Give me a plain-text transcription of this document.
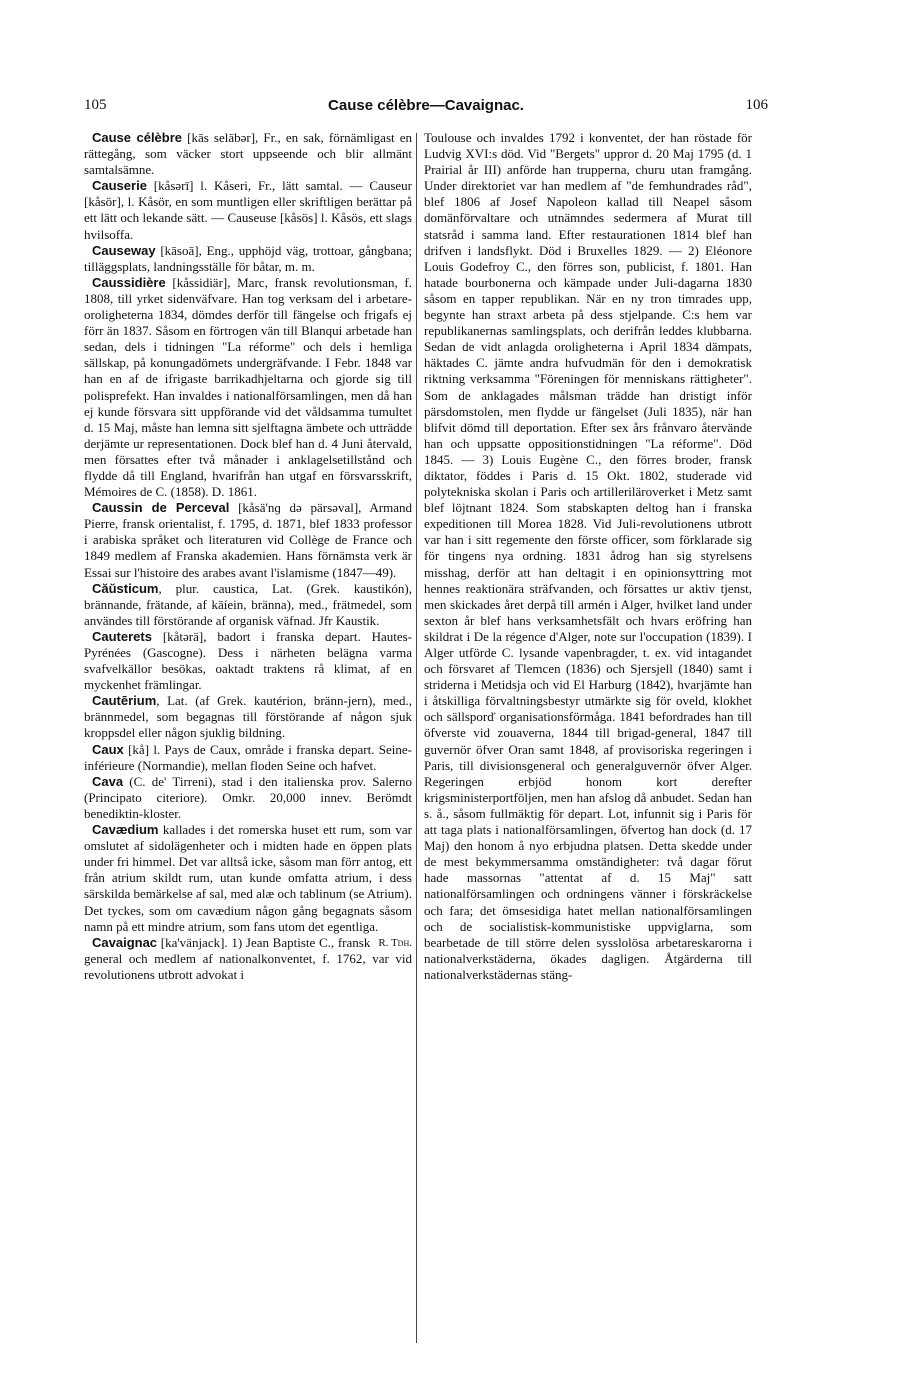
105	Cause célèbre—Cavaignac.	106

Cause célèbre [kās selābər], Fr., en sak, förnämligast en rättegång, som väcker stort uppseende och blir allmänt samtalsämne.

Causerie [kåsərī] l. Kåseri, Fr., lätt samtal. — Causeur [kåsör], l. Kåsör, en som muntligen eller skriftligen berättar på ett lätt och lekande sätt. — Causeuse [kåsös] l. Kåsös, ett slags hvilsoffa.

Causeway [kāsoā], Eng., upphöjd väg, trottoar, gångbana; tilläggsplats, landningsställe för båtar, m. m.

Caussidière [kåssidiär], Marc, fransk revolutionsman, f. 1808, till yrket sidenväfvare. Han tog verksam del i arbetare-oroligheterna 1834, dömdes derför till fängelse och frigafs ej förr än 1837. Såsom en förtrogen vän till Blanqui arbetade han sedan, dels i tidningen "La réforme" och dels i hemliga sällskap, på konungadömets undergräfvande. I Febr. 1848 var han en af de ifrigaste barrikadhjeltarna och gjorde sig till polisprefekt. Han invaldes i nationalförsamlingen, men då han ej kunde försvara sitt uppförande vid det våldsamma tumultet d. 15 Maj, måste han lemna sitt sjelftagna ämbete och utträdde derjämte ur representationen. Dock blef han d. 4 Juni återvald, men försattes efter två månader i anklagelsetillstånd och flydde då till England, hvarifrån han utgaf en försvarsskrift, Mémoires de C. (1858). D. 1861.

Caussin de Perceval [kåsä'nɡ də pärsəval], Armand Pierre, fransk orientalist, f. 1795, d. 1871, blef 1833 professor i arabiska språket och literaturen vid Collège de France och 1849 medlem af Franska akademien. Hans förnämsta verk är Essai sur l'histoire des arabes avant l'islamisme (1847—49).

Căŭsticum, plur. caustica, Lat. (Grek. kaustikón), brännande, frätande, af kāíein, bränna), med., frätmedel, som användes till förstörande af organisk väfnad. Jfr Kaustik.

Cauterets [kåtərä], badort i franska depart. Hautes-Pyrénées (Gascogne). Dess i närheten belägna varma svafvelkällor besökas, oaktadt traktens rå klimat, af en myckenhet främlingar.

Cautērium, Lat. (af Grek. kautérion, bränn-jern), med., brännmedel, som begagnas till förstörande af någon sjuk kroppsdel eller någon sjuklig bildning.

Caux [kå] l. Pays de Caux, område i franska depart. Seine-inférieure (Normandie), mellan floden Seine och hafvet.

Cava (C. de' Tirreni), stad i den italienska prov. Salerno (Principato citeriore). Omkr. 20,000 innev. Berömdt benediktin-kloster.

Cavædium kallades i det romerska huset ett rum, som var omslutet af sidolägenheter och i midten hade en öppen plats under fri himmel. Det var alltså icke, såsom man förr antog, ett från atrium skildt rum, utan kunde omfatta atrium, i dess särskilda bemärkelse af sal, med alæ och tablinum (se Atrium). Det tyckes, som om cavædium någon gång begagnats såsom namn på ett mindre atrium, som fans utom det egentliga.
R. Tdh.

Cavaignac [ka'vänjack]. 1) Jean Baptiste C., fransk general och medlem af nationalkonventet, f. 1762, var vid revolutionens utbrott advokat i

Toulouse och invaldes 1792 i konventet, der han röstade för Ludvig XVI:s död. Vid "Bergets" uppror d. 20 Maj 1795 (d. 1 Prairial år III) anförde han trupperna, churu utan framgång. Under direktoriet var han medlem af "de femhundrades råd", blef 1806 af Josef Napoleon kallad till Neapel såsom domänförvaltare och utnämndes sedermera af Murat till statsråd i samma land. Efter restaurationen 1814 blef han drifven i landsflykt. Död i Bruxelles 1829. — 2) Eléonore Louis Godefroy C., den förres son, publicist, f. 1801. Han hatade bourbonerna och kämpade under Juli-dagarna 1830 såsom en tapper republikan. När en ny tron timrades upp, begynte han straxt arbeta på dess stjelpande. C:s hem var republikanernas samlingsplats, och derifrån leddes klubbarna. Sedan de vidt anlagda oroligheterna i April 1834 dämpats, häktades C. jämte andra hufvudmän för den i demokratisk riktning verksamma "Föreningen för menniskans rättigheter". Som de anklagades målsman trädde han dristigt inför pärsdomstolen, men flydde ur fängelset (Juli 1835), när han blifvit dömd till deportation. Efter sex års frånvaro återvände han och uppsatte oppositionstidningen "La réforme". Död 1845. — 3) Louis Eugène C., den förres broder, fransk diktator, föddes i Paris d. 15 Okt. 1802, studerade vid polytekniska skolan i Paris och artilleriläroverket i Metz samt blef löjtnant 1824. Som stabskapten deltog han i franska expeditionen till Morea 1828. Vid Juli-revolutionens utbrott var han i sitt regemente den förste officer, som förklarade sig för tingens nya ordning. 1831 ådrog han sig styrelsens misshag, derför att han deltagit i en opinionsyttring mot hennes reaktionära sträfvanden, och försattes ur aktiv tjenst, men skickades året derpå till armén i Alger, hvilket land under sexton år blef hans verksamhetsfält och hvars eröfring han skildrat i De la régence d'Alger, note sur l'occupation (1839). I Alger utförde C. lysande vapenbragder, t. ex. vid intagandet och försvaret af Tlemcen (1836) och Sjersjell (1840) samt i striderna i Metidsja och vid El Harburg (1842), hvarjämte han i åtskilliga förvaltningsbestyr utmärkte sig för oveld, klokhet och sällsporď organisationsförmåga. 1841 befordrades han till öfverste vid zouaverna, 1844 till brigad-general, 1847 till guvernör öfver Oran samt 1848, af provisoriska regeringen i Paris, till divisionsgeneral och generalguvernör öfver Alger. Regeringen erbjöd honom kort derefter krigsministerportföljen, men han afslog då anbudet. Sedan han s. å., såsom fullmäktig för depart. Lot, infunnit sig i Paris för att taga plats i nationalförsamlingen, öfvertog han dock (d. 17 Maj) den honom å nyo erbjudna platsen. Detta skedde under de mest bekymmersamma omständigheter: två dagar förut hade massornas "attentat af d. 15 Maj" satt nationalförsamlingen och ordningens vänner i förskräckelse och fara; det ömsesidiga hatet mellan nationalförsamlingen och de socialistisk-kommunistiske uppviglarna, som bearbetade de till större delen sysslolösa arbetareskarorna i nationalverkstäderna, ökades dagligen. Åtgärderna till nationalverkstädernas stäng-
